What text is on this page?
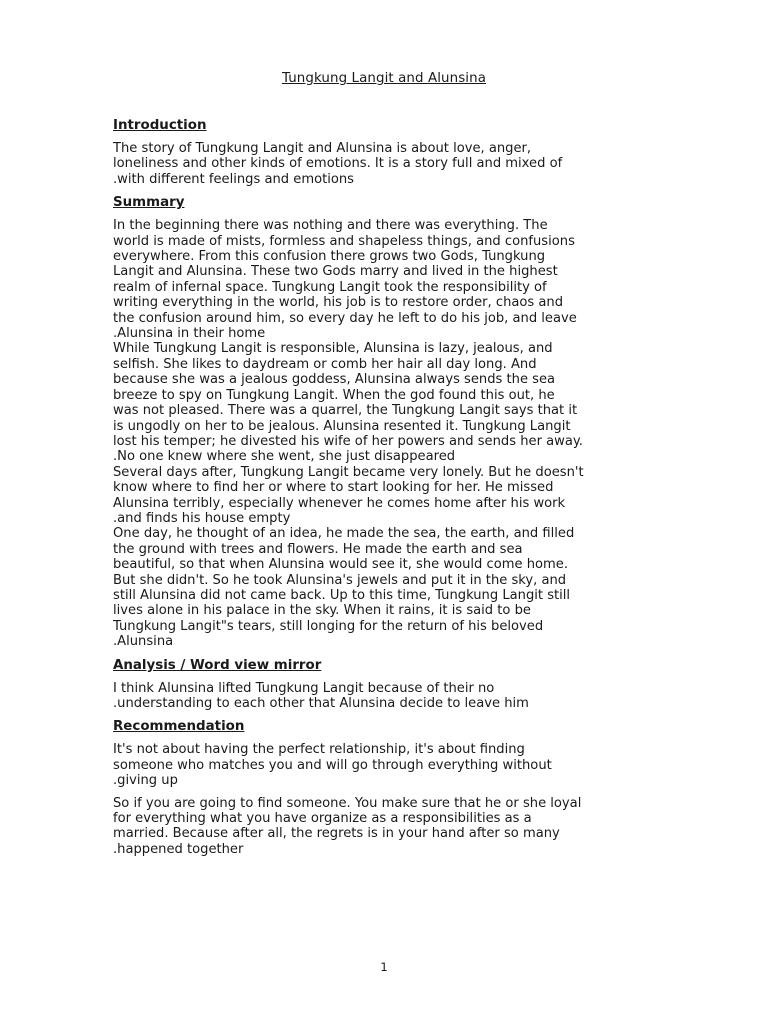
Tungkung Langit and Alunsina
Introduction
The story of Tungkung Langit and Alunsina is about love, anger,
loneliness and other kinds of emotions. It is a story full and mixed of
.with different feelings and emotions
Summary
In the beginning there was nothing and there was everything. The
world is made of mists, formless and shapeless things, and confusions
everywhere. From this confusion there grows two Gods, Tungkung
Langit and Alunsina. These two Gods marry and lived in the highest
realm of infernal space. Tungkung Langit took the responsibility of
writing everything in the world, his job is to restore order, chaos and
the confusion around him, so every day he left to do his job, and leave
.Alunsina in their home
While Tungkung Langit is responsible, Alunsina is lazy, jealous, and
selfish. She likes to daydream or comb her hair all day long. And
because she was a jealous goddess, Alunsina always sends the sea
breeze to spy on Tungkung Langit. When the god found this out, he
was not pleased. There was a quarrel, the Tungkung Langit says that it
is ungodly on her to be jealous. Alunsina resented it. Tungkung Langit
lost his temper; he divested his wife of her powers and sends her away.
.No one knew where she went, she just disappeared
Several days after, Tungkung Langit became very lonely. But he doesn't
know where to find her or where to start looking for her. He missed
Alunsina terribly, especially whenever he comes home after his work
.and finds his house empty
One day, he thought of an idea, he made the sea, the earth, and filled
the ground with trees and flowers. He made the earth and sea
beautiful, so that when Alunsina would see it, she would come home.
But she didn't. So he took Alunsina's jewels and put it in the sky, and
still Alunsina did not came back. Up to this time, Tungkung Langit still
lives alone in his palace in the sky. When it rains, it is said to be
Tungkung Langit"s tears, still longing for the return of his beloved
.Alunsina
Analysis / Word view mirror
I think Alunsina lifted Tungkung Langit because of their no
.understanding to each other that Alunsina decide to leave him
Recommendation
It's not about having the perfect relationship, it's about finding
someone who matches you and will go through everything without
.giving up
So if you are going to find someone. You make sure that he or she loyal
for everything what you have organize as a responsibilities as a
married. Because after all, the regrets is in your hand after so many
.happened together
1
